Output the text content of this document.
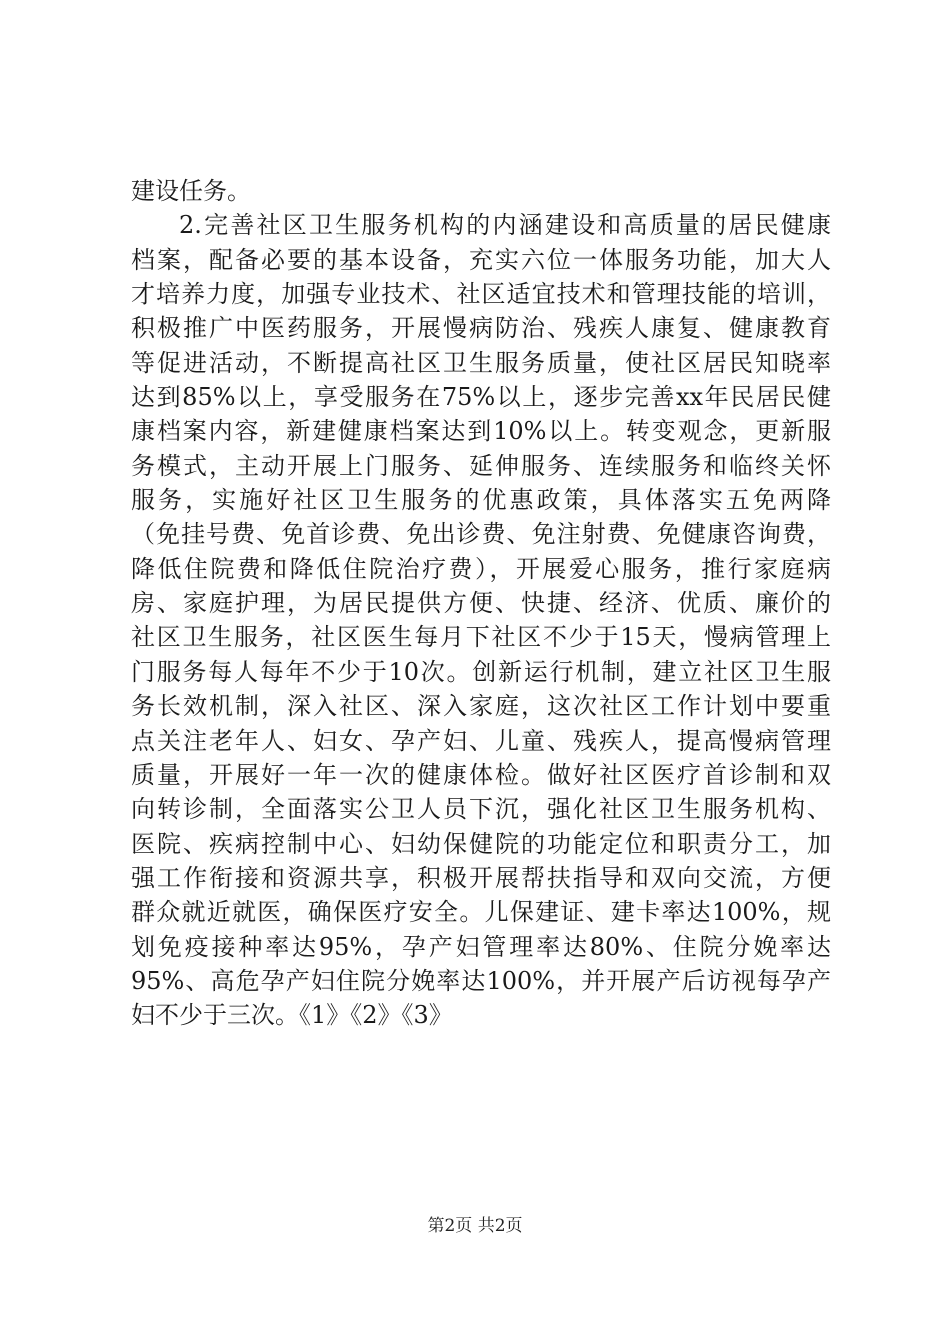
建设任务。
2.完善社区卫生服务机构的内涵建设和高质量的居民健康
档案，配备必要的基本设备，充实六位一体服务功能，加大人
才培养力度，加强专业技术、社区适宜技术和管理技能的培训，
积极推广中医药服务，开展慢病防治、残疾人康复、健康教育
等促进活动，不断提高社区卫生服务质量，使社区居民知晓率
达到85%以上，享受服务在75%以上，逐步完善xx年民居民健
康档案内容，新建健康档案达到10%以上。转变观念，更新服
务模式，主动开展上门服务、延伸服务、连续服务和临终关怀
服务，实施好社区卫生服务的优惠政策，具体落实五免两降
（免挂号费、免首诊费、免出诊费、免注射费、免健康咨询费，
降低住院费和降低住院治疗费），开展爱心服务，推行家庭病
房、家庭护理，为居民提供方便、快捷、经济、优质、廉价的
社区卫生服务，社区医生每月下社区不少于15天，慢病管理上
门服务每人每年不少于10次。创新运行机制，建立社区卫生服
务长效机制，深入社区、深入家庭，这次社区工作计划中要重
点关注老年人、妇女、孕产妇、儿童、残疾人，提高慢病管理
质量，开展好一年一次的健康体检。做好社区医疗首诊制和双
向转诊制，全面落实公卫人员下沉，强化社区卫生服务机构、
医院、疾病控制中心、妇幼保健院的功能定位和职责分工，加
强工作衔接和资源共享，积极开展帮扶指导和双向交流，方便
群众就近就医，确保医疗安全。儿保建证、建卡率达100%，规
划免疫接种率达95%，孕产妇管理率达80%、住院分娩率达
95%、高危孕产妇住院分娩率达100%，并开展产后访视每孕产
妇不少于三次。《1》《2》《3》
第2页 共2页
